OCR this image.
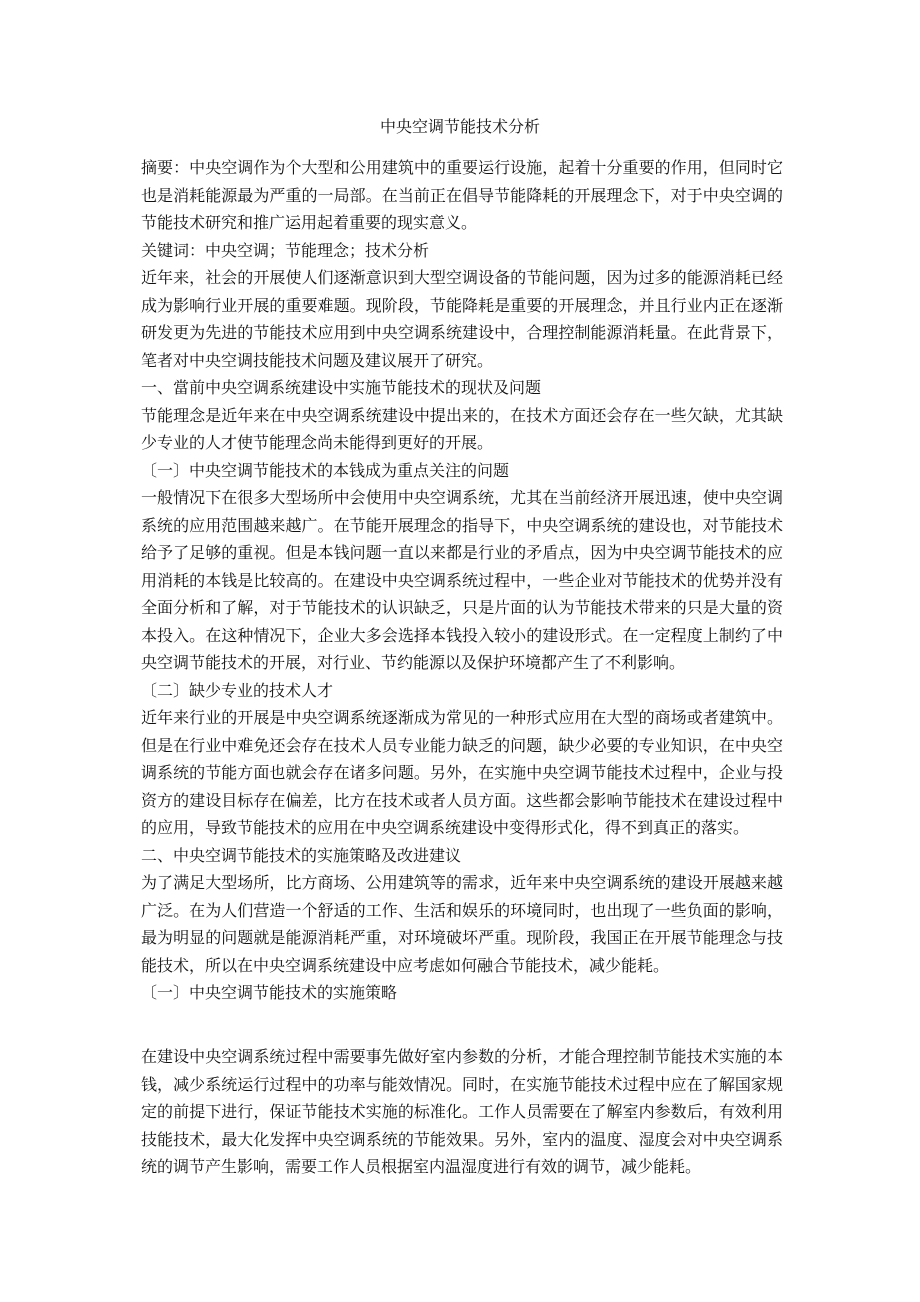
中央空调节能技术分析

摘要：中央空调作为个大型和公用建筑中的重要运行设施，起着十分重要的作用，但同时它也是消耗能源最为严重的一局部。在当前正在倡导节能降耗的开展理念下，对于中央空调的节能技术研究和推广运用起着重要的现实意义。

关键词：中央空调；节能理念；技术分析

近年来，社会的开展使人们逐渐意识到大型空调设备的节能问题，因为过多的能源消耗已经成为影响行业开展的重要难题。现阶段，节能降耗是重要的开展理念，并且行业内正在逐渐研发更为先进的节能技术应用到中央空调系统建设中，合理控制能源消耗量。在此背景下，笔者对中央空调技能技术问题及建议展开了研究。

一、當前中央空调系统建设中实施节能技术的现状及问题

节能理念是近年来在中央空调系统建设中提出来的，在技术方面还会存在一些欠缺，尤其缺少专业的人才使节能理念尚未能得到更好的开展。

〔一〕中央空调节能技术的本钱成为重点关注的问题

一般情况下在很多大型场所中会使用中央空调系统，尤其在当前经济开展迅速，使中央空调系统的应用范围越来越广。在节能开展理念的指导下，中央空调系统的建设也，对节能技术给予了足够的重视。但是本钱问题一直以来都是行业的矛盾点，因为中央空调节能技术的应用消耗的本钱是比较高的。在建设中央空调系统过程中，一些企业对节能技术的优势并没有全面分析和了解，对于节能技术的认识缺乏，只是片面的认为节能技术带来的只是大量的资本投入。在这种情况下，企业大多会选择本钱投入较小的建设形式。在一定程度上制约了中央空调节能技术的开展，对行业、节约能源以及保护环境都产生了不利影响。

〔二〕缺少专业的技术人才

近年来行业的开展是中央空调系统逐渐成为常见的一种形式应用在大型的商场或者建筑中。但是在行业中难免还会存在技术人员专业能力缺乏的问题，缺少必要的专业知识，在中央空调系统的节能方面也就会存在诸多问题。另外，在实施中央空调节能技术过程中，企业与投资方的建设目标存在偏差，比方在技术或者人员方面。这些都会影响节能技术在建设过程中的应用，导致节能技术的应用在中央空调系统建设中变得形式化，得不到真正的落实。

二、中央空调节能技术的实施策略及改进建议

为了满足大型场所，比方商场、公用建筑等的需求，近年来中央空调系统的建设开展越来越广泛。在为人们营造一个舒适的工作、生活和娱乐的环境同时，也出现了一些负面的影响，最为明显的问题就是能源消耗严重，对环境破坏严重。现阶段，我国正在开展节能理念与技能技术，所以在中央空调系统建设中应考虑如何融合节能技术，减少能耗。

〔一〕中央空调节能技术的实施策略

在建设中央空调系统过程中需要事先做好室内参数的分析，才能合理控制节能技术实施的本钱，减少系统运行过程中的功率与能效情况。同时，在实施节能技术过程中应在了解国家规定的前提下进行，保证节能技术实施的标准化。工作人员需要在了解室内参数后，有效利用技能技术，最大化发挥中央空调系统的节能效果。另外，室内的温度、湿度会对中央空调系统的调节产生影响，需要工作人员根据室内温湿度进行有效的调节，减少能耗。
